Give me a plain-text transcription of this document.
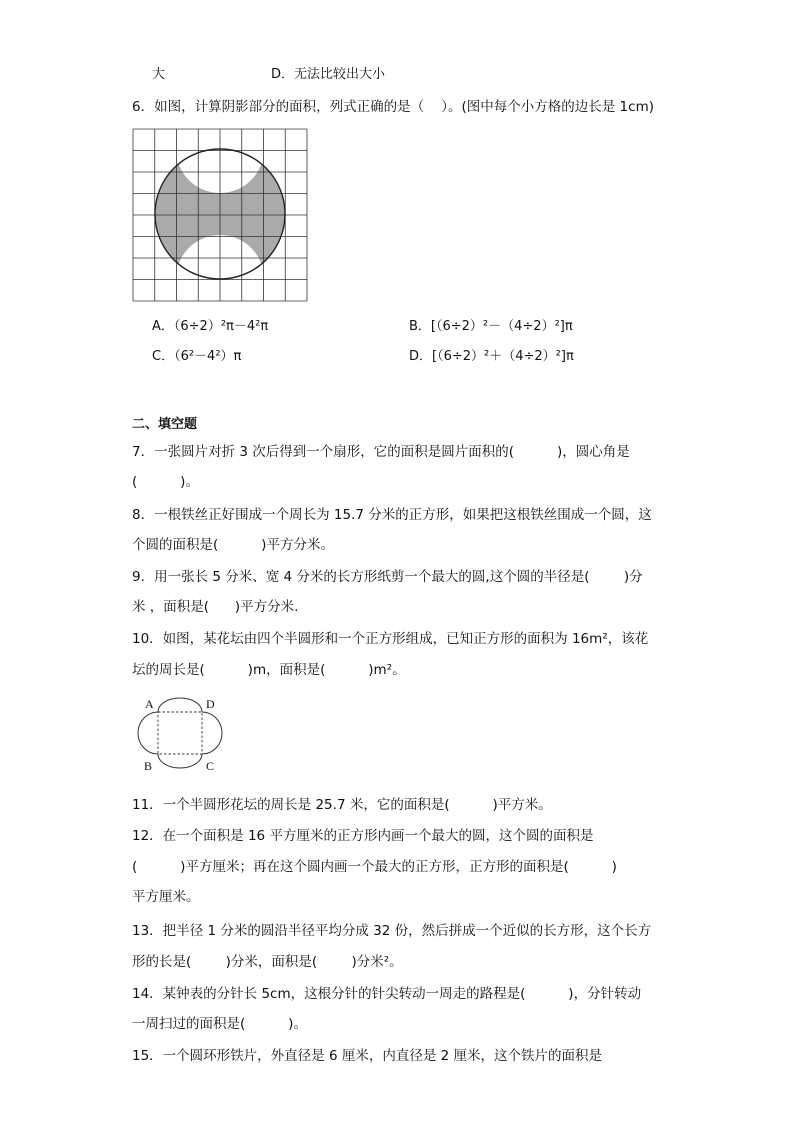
大	D．无法比较出大小
6．如图，计算阴影部分的面积，列式正确的是（    ）。(图中每个小方格的边长是 1cm)
A．（6÷2）²π－4²π	B．[（6÷2）²－（4÷2）²]π
C．（6²－4²）π	D．[（6÷2）²＋（4÷2）²]π
二、填空题
7．一张圆片对折 3 次后得到一个扇形，它的面积是圆片面积的(          )，圆心角是
(          )。
8．一根铁丝正好围成一个周长为 15.7 分米的正方形，如果把这根铁丝围成一个圆，这
个圆的面积是(          )平方分米。
9．用一张长 5 分米、宽 4 分米的长方形纸剪一个最大的圆,这个圆的半径是(        )分
米 ，面积是(      )平方分米.
10．如图，某花坛由四个半圆形和一个正方形组成，已知正方形的面积为 16m²，该花
坛的周长是(          )m，面积是(          )m²。
A	D
B	C
11．一个半圆形花坛的周长是 25.7 米，它的面积是(          )平方米。
12．在一个面积是 16 平方厘米的正方形内画一个最大的圆，这个圆的面积是
(          )平方厘米；再在这个圆内画一个最大的正方形，正方形的面积是(          )
平方厘米。
13．把半径 1 分米的圆沿半径平均分成 32 份，然后拼成一个近似的长方形，这个长方
形的长是(        )分米，面积是(        )分米²。
14．某钟表的分针长 5cm，这根分针的针尖转动一周走的路程是(          )，分针转动
一周扫过的面积是(          )。
15．一个圆环形铁片，外直径是 6 厘米，内直径是 2 厘米，这个铁片的面积是
